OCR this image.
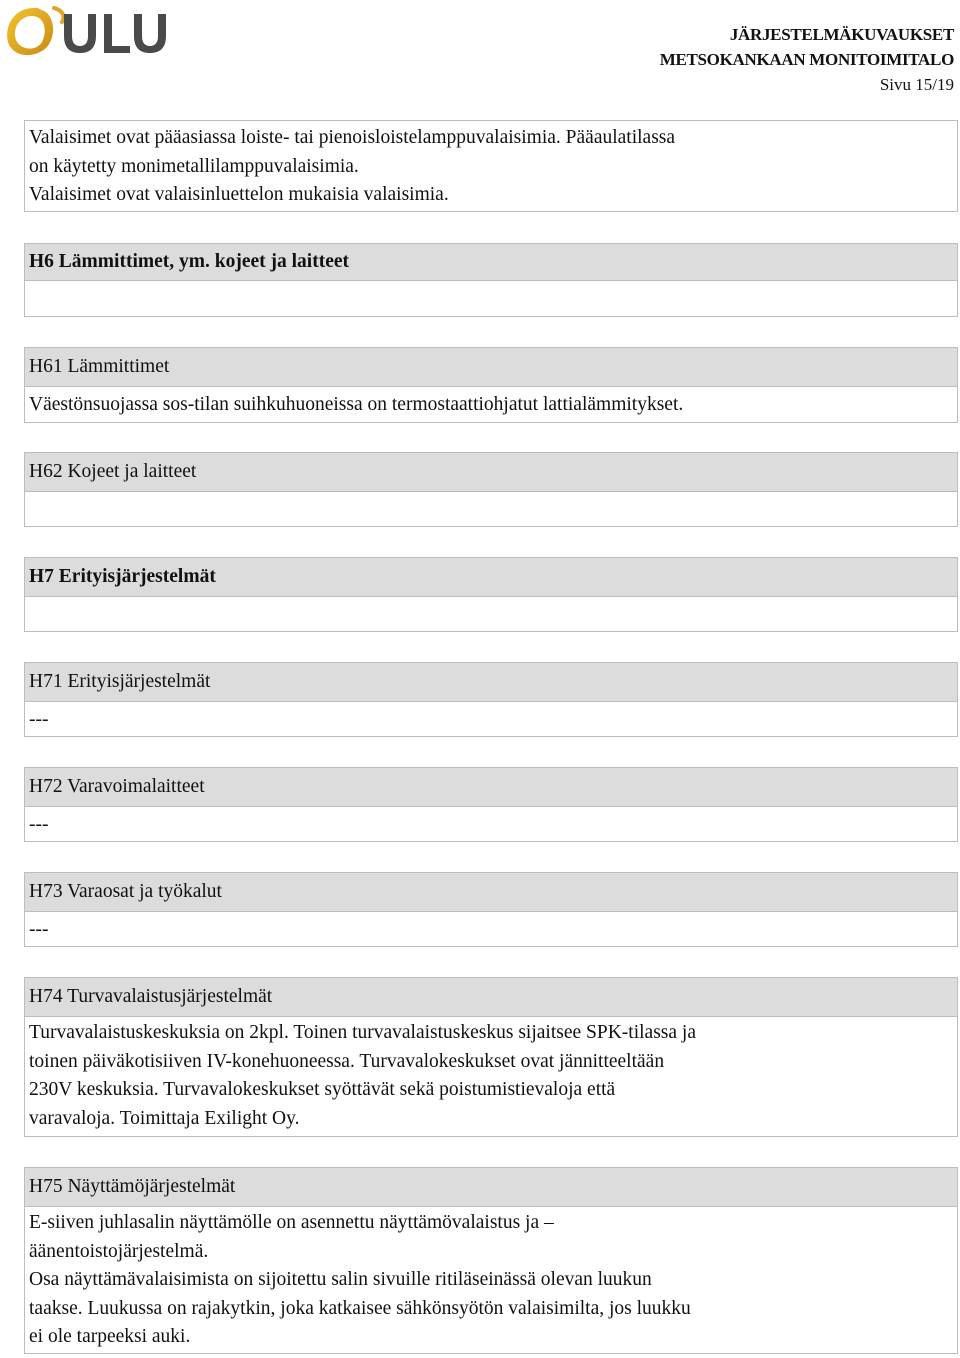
JÄRJESTELMÄKUVAUKSET
METSOKANKAAN MONITOIMITALO
Sivu 15/19
Valaisimet ovat pääasiassa loiste- tai pienoisloistelamppuvalaisimia. Pääaulatilassa
on käytetty monimetallilamppuvalaisimia.
Valaisimet ovat valaisinluettelon mukaisia valaisimia.
H6 Lämmittimet, ym. kojeet ja laitteet
H61 Lämmittimet
Väestönsuojassa sos-tilan suihkuhuoneissa on termostaattiohjatut lattialämmitykset.
H62 Kojeet ja laitteet
H7 Erityisjärjestelmät
H71 Erityisjärjestelmät
---
H72 Varavoimalaitteet
---
H73 Varaosat ja työkalut
---
H74 Turvavalaistusjärjestelmät
Turvavalaistuskeskuksia on 2kpl. Toinen turvavalaistuskeskus sijaitsee SPK-tilassa ja
toinen päiväkotisiiven IV-konehuoneessa. Turvavalokeskukset ovat jännitteeltään
230V keskuksia. Turvavalokeskukset syöttävät sekä poistumistievaloja että
varavaloja. Toimittaja Exilight Oy.
H75 Näyttämöjärjestelmät
E-siiven juhlasalin näyttämölle on asennettu näyttämövalaistus ja –
äänentoistojärjestelmä.
Osa näyttämävalaisimista on sijoitettu salin sivuille ritiläseinässä olevan luukun
taakse. Luukussa on rajakytkin, joka katkaisee sähkönsyötön valaisimilta, jos luukku
ei ole tarpeeksi auki.
